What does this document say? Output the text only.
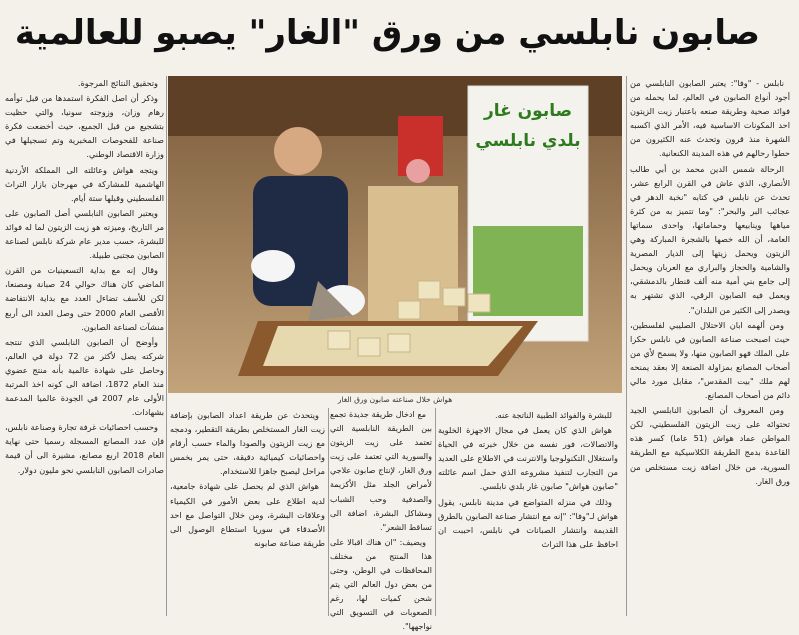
صابون نابلسي من ورق "الغار" يصبو للعالمية

نابلس - "وفا": يعتبر الصابون النابلسي من أجود أنواع الصابون في العالم، لما يحمله من فوائد صحية وطريقة صنعه باعتبار زيت الزيتون احد المكونات الاساسية فيه، الأمر الذي اكسبه الشهرة منذ قرون وتحدث عنه الكثيرون من حطوا رحالهم في هذه المدينة الكنعانية.

الرحالة شمس الدين محمد بن أبي طالب الأنصاري، الذي عاش في القرن الرابع عشر، تحدث عن نابلس في كتابه "نخبة الدهر في عجائب البر والبحر": "وما تتميز به من كثرة مياهها وينابيعها وحماماتها، واحدى سماتها العامة، أن الله خصها بالشجرة المباركة وهي الزيتون ويحمل زيتها إلى الديار المصرية والشامية والحجاز والبراري مع العربان ويحمل إلى جامع بني أمية منه ألف قنطار بالدمشقي، ويعمل فيه الصابون الرقي، الذي تشتهر به ويصدر إلى الكثير من البلدان".

ومن ألهمه ابان الاحتلال الصليبي لفلسطين، حيث اصبحت صناعة الصابون في نابلس حكرا على الملك فهو الصابون منها، ولا يسمح لأي من أصحاب المصانع بمزاولة الصنعة إلا بعقد يمنحه لهم ملك "بيت المقدس"، مقابل مورد مالي دائم من أصحاب المصانع.

ومن المعروف أن الصابون النابلسي الجيد تحتوائه على زيت الزيتون الفلسطيني، لكن المواطن عماد هواش (51 عاما) كسر هذه القاعدة بدمج الطريقة الكلاسيكية مع الطريقة السورية، من خلال اضافة زيت مستخلص من ورق الغار.

صابون غار
بلدي نابلسي
هواش خلال صناعته صابون ورق الغار

للبشرة والفوائد الطبية الناتجة عنه.

هواش الذي كان يعمل في مجال الاجهزة الخلوية والاتصالات، فور نفسه من خلال خبرته في الحياة واستغلال التكنولوجيا والانترنت في الاطلاع على العديد من التجارب لتنفيذ مشروعه الذي حمل اسم عائلته "صابون هواش" صابون غار بلدي نابلسي.

وذلك في منزله المتواضع في مدينة نابلس، يقول هواش لـ"وفا": "إنه مع انتشار صناعة الصابون بالطرق القديمة وانتشار الصبانات في نابلس، احببت ان احافظ على هذا التراث

مع ادخال طريقة جديدة تجمع بين الطريقة النابلسية التي تعتمد على زيت الزيتون والسورية التي تعتمد على زيت ورق الغار، لإنتاج صابون علاجي لأمراض الجلد مثل الأكزيمة والصدفية وحب الشباب ومشاكل البشرة، اضافة الى تساقط الشعر".

ويضيف: "ان هناك اقبالا على هذا المنتج من مختلف المحافظات في الوطن، وحتى من بعض دول العالم التي يتم شحن كميات لها، رغم الصعوبات في التسويق التي نواجهها".

ويتحدث عن طريقة اعداد الصابون بإضافة زيت الغار المستخلص بطريقة التقطير، ودمجه مع زيت الزيتون والصودا والماء حسب أرقام واحصائيات كيميائية دقيقة، حتى يمر بخمس مراحل ليصبح جاهزا للاستخدام.

هواش الذي لم يحصل على شهادة جامعية، لديه اطلاع على بعض الأمور في الكيمياء وعلاقات البشرة، ومن خلال التواصل مع احد الأصدقاء في سوريا استطاع الوصول الى طريقة صناعة صابونه

وتحقيق النتائج المرجوة.

وذكر أن اصل الفكرة استمدها من قبل توأمه رهام وزان، وزوجته سونيا، والتي حظيت بتشجيع من قبل الجميع، حيث أخضعت فكرة صناعة للفحوصات المخبرية وتم تسجيلها في وزارة الاقتصاد الوطني.

ويتجه هواش وعائلته الى المملكة الأردنية الهاشمية للمشاركة في مهرجان بازار التراث الفلسطيني وقبلها ستة أيام.

ويعتبر الصابون النابلسي أصل الصابون على مر التاريخ، وميزته هو زيت الزيتون لما له فوائد للبشرة، حسب مدير عام شركة نابلس لصناعة الصابون مجتبى طبيلة.

وقال إنه مع بداية التسعينيات من القرن الماضي كان هناك حوالي 24 صبانة ومصنعا، لكن للأسف تضاءل العدد مع بداية الانتفاضة الأقصى العام 2000 حتى وصل العدد الى أربع منشآت لصناعة الصابون.

وأوضح أن الصابون النابلسي الذي تنتجه شركته يصل لأكثر من 72 دولة في العالم، وحاصل على شهادة عالمية بأنه منتج عضوي منذ العام 1872، اضافة الى كونه اخذ المرتبة الأولى عام 2007 في الجودة عالميا المدعمة بشهادات.

وحسب احصائيات غرفة تجارة وصناعة نابلس، فإن عدد المصانع المسجلة رسميا حتى نهاية العام 2018 اربع مصانع، مشيرة الى أن قيمة صادرات الصابون النابلسي نحو مليون دولار.
